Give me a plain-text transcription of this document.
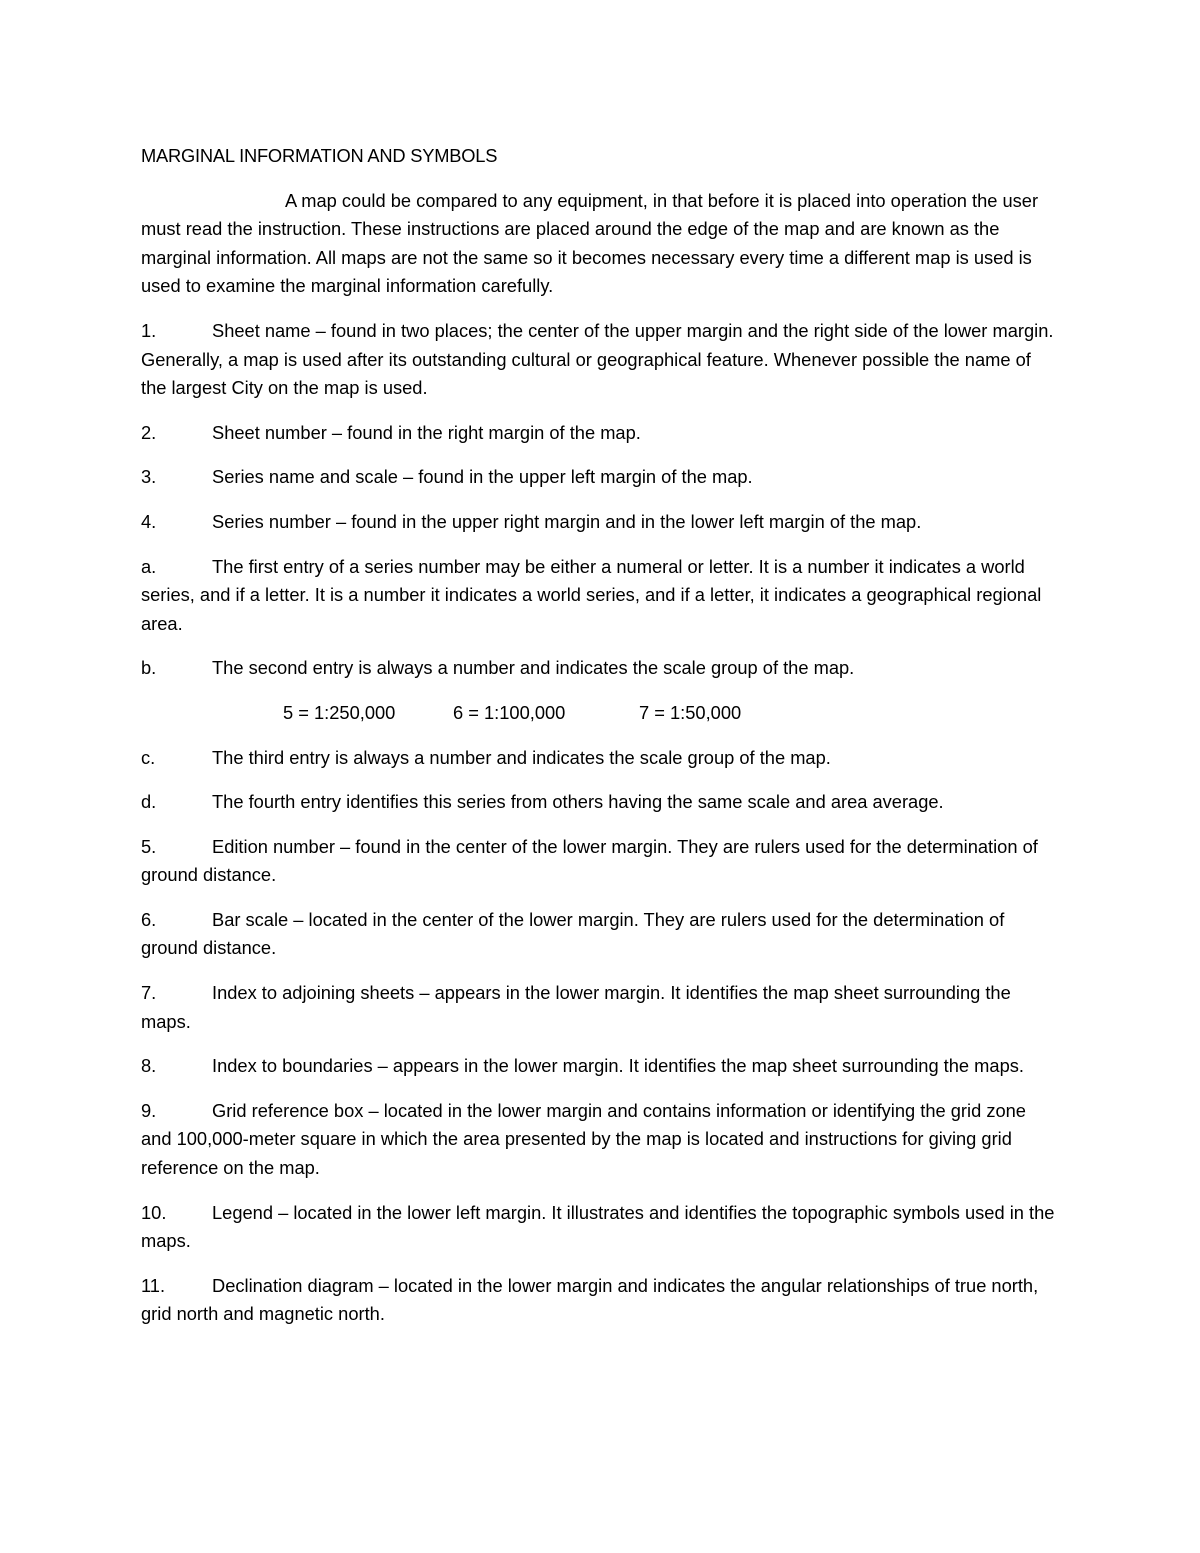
MARGINAL INFORMATION AND SYMBOLS

A map could be compared to any equipment, in that before it is placed into operation the user must read the instruction. These instructions are placed around the edge of the map and are known as the marginal information. All maps are not the same so it becomes necessary every time a different map is used is used to examine the marginal information carefully.

1.	Sheet name – found in two places; the center of the upper margin and the right side of the lower margin. Generally, a map is used after its outstanding cultural or geographical feature. Whenever possible the name of the largest City on the map is used.

2.	Sheet number – found in the right margin of the map.

3.	Series name and scale – found in the upper left margin of the map.

4.	Series number – found in the upper right margin and in the lower left margin of the map.

a.	The first entry of a series number may be either a numeral or letter. It is a number it indicates a world series, and if a letter. It is a number it indicates a world series, and if a letter, it indicates a geographical regional area.

b.	The second entry is always a number and indicates the scale group of the map.

5 = 1:250,000	6 = 1:100,000	7 = 1:50,000

c.	The third entry is always a number and indicates the scale group of the map.

d.	The fourth entry identifies this series from others having the same scale and area average.

5.	Edition number – found in the center of the lower margin. They are rulers used for the determination of ground distance.

6.	Bar scale – located in the center of the lower margin. They are rulers used for the determination of ground distance.

7.	Index to adjoining sheets – appears in the lower margin. It identifies the map sheet surrounding the maps.

8.	Index to boundaries – appears in the lower margin. It identifies the map sheet surrounding the maps.

9.	Grid reference box – located in the lower margin and contains information or identifying the grid zone and 100,000-meter square in which the area presented by the map is located and instructions for giving grid reference on the map.

10. Legend – located in the lower left margin. It illustrates and identifies the topographic symbols used in the maps.

11.	Declination diagram – located in the lower margin and indicates the angular relationships of true north, grid north and magnetic north.
